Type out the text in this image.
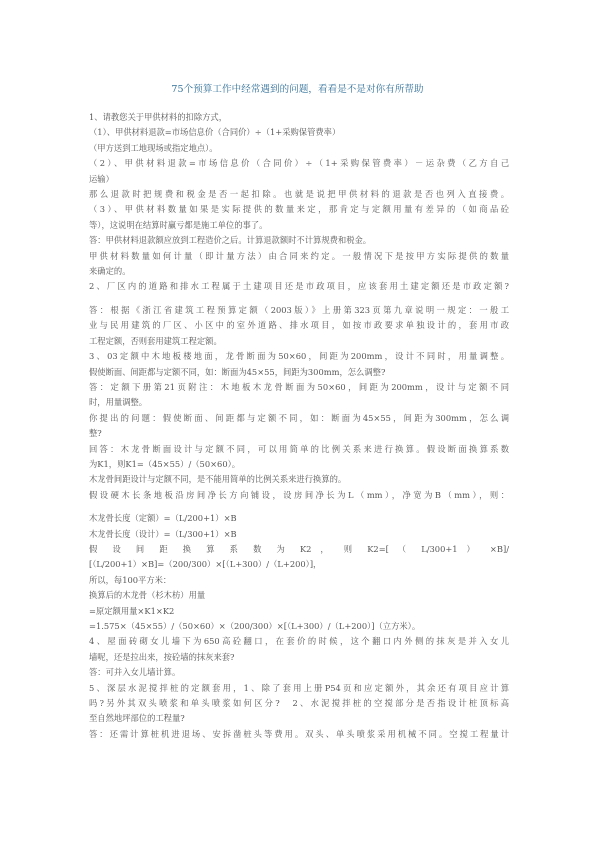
75个预算工作中经常遇到的问题，看看是不是对你有所帮助

1、请教您关于甲供材料的扣除方式，

（1）、甲供材料退款=市场信息价（合同价）÷（1+采购保管费率）

（甲方送到工地现场或指定地点）。

（2）、甲供材料退款=市场信息价（合同价）÷（1+采购保管费率）－运杂费（乙方自己

运输）

那么退款时把规费和税金是否一起扣除。也就是说把甲供材料的退款是否也列入直接费。

（3）、甲供材料数量如果是实际提供的数量来定，那肯定与定额用量有差异的（如商品砼

等），这说明在结算时赢亏都是施工单位的事了。

答：甲供材料退款额应放到工程造价之后。计算退款额时不计算规费和税金。

甲供材料数量如何计量（即计量方法）由合同来约定。一般情况下是按甲方实际提供的数量

来确定的。

2、厂区内的道路和排水工程属于土建项目还是市政项目，应该套用土建定额还是市政定额?

答：根据《浙江省建筑工程预算定额（2003版）》上册第323页第九章说明一规定：一般工

业与民用建筑的厂区、小区中的室外道路、排水项目，如按市政要求单独设计的，套用市政

工程定额，否则套用建筑工程定额。

3、03定额中木地板楼地面，龙骨断面为50×60，间距为200mm，设计不同时，用量调整。

假使断面、间距都与定额不同，如：断面为45×55，间距为300mm，怎么调整?

答：定额下册第21页附注：木地板木龙骨断面为50×60，间距为200mm，设计与定额不同

时，用量调整。

你提出的问题：假使断面、间距都与定额不同，如：断面为45×55，间距为300mm，怎么调

整?

回答：木龙骨断面设计与定额不同，可以用简单的比例关系来进行换算。假设断面换算系数

为K1，则K1=（45×55）/（50×60）。

木龙骨间距设计与定额不同，是不能用简单的比例关系来进行换算的。

假设硬木长条地板沿房间净长方向铺设，设房间净长为L（mm），净宽为B（mm），则：

木龙骨长度（定额）=（L/200+1）×B

木龙骨长度（设计）=（L/300+1）×B

假 设 间 距 换 算 系 数 为 K2 ， 则 K2=[ （ L/300+1 ） ×B]/

[（L/200+1）×B]=（200/300）×[（L+300）/（L+200）]，

所以，每100平方米：

换算后的木龙骨（杉木枋）用量

=原定额用量×K1×K2

=1.575×（45×55）/（50×60）×（200/300）×[（L+300）/（L+200）]（立方米）。

4、屋面砖砌女儿墙下为650高砼翻口，在套价的时候，这个翻口内外侧的抹灰是并入女儿

墙呢，还是拉出来，按砼墙的抹灰来套?

答：可并入女儿墙计算。

5、深层水泥搅拌桩的定额套用，1、除了套用上册P54页和应定额外，其余还有项目应计算

吗?另外其双头喷浆和单头喷浆如何区分?　2、水泥搅拌桩的空搅部分是否指设计桩顶标高

至自然地坪部位的工程量?

答：还需计算桩机进退场、安拆凿桩头等费用。双头、单头喷浆采用机械不同。空搅工程量计
